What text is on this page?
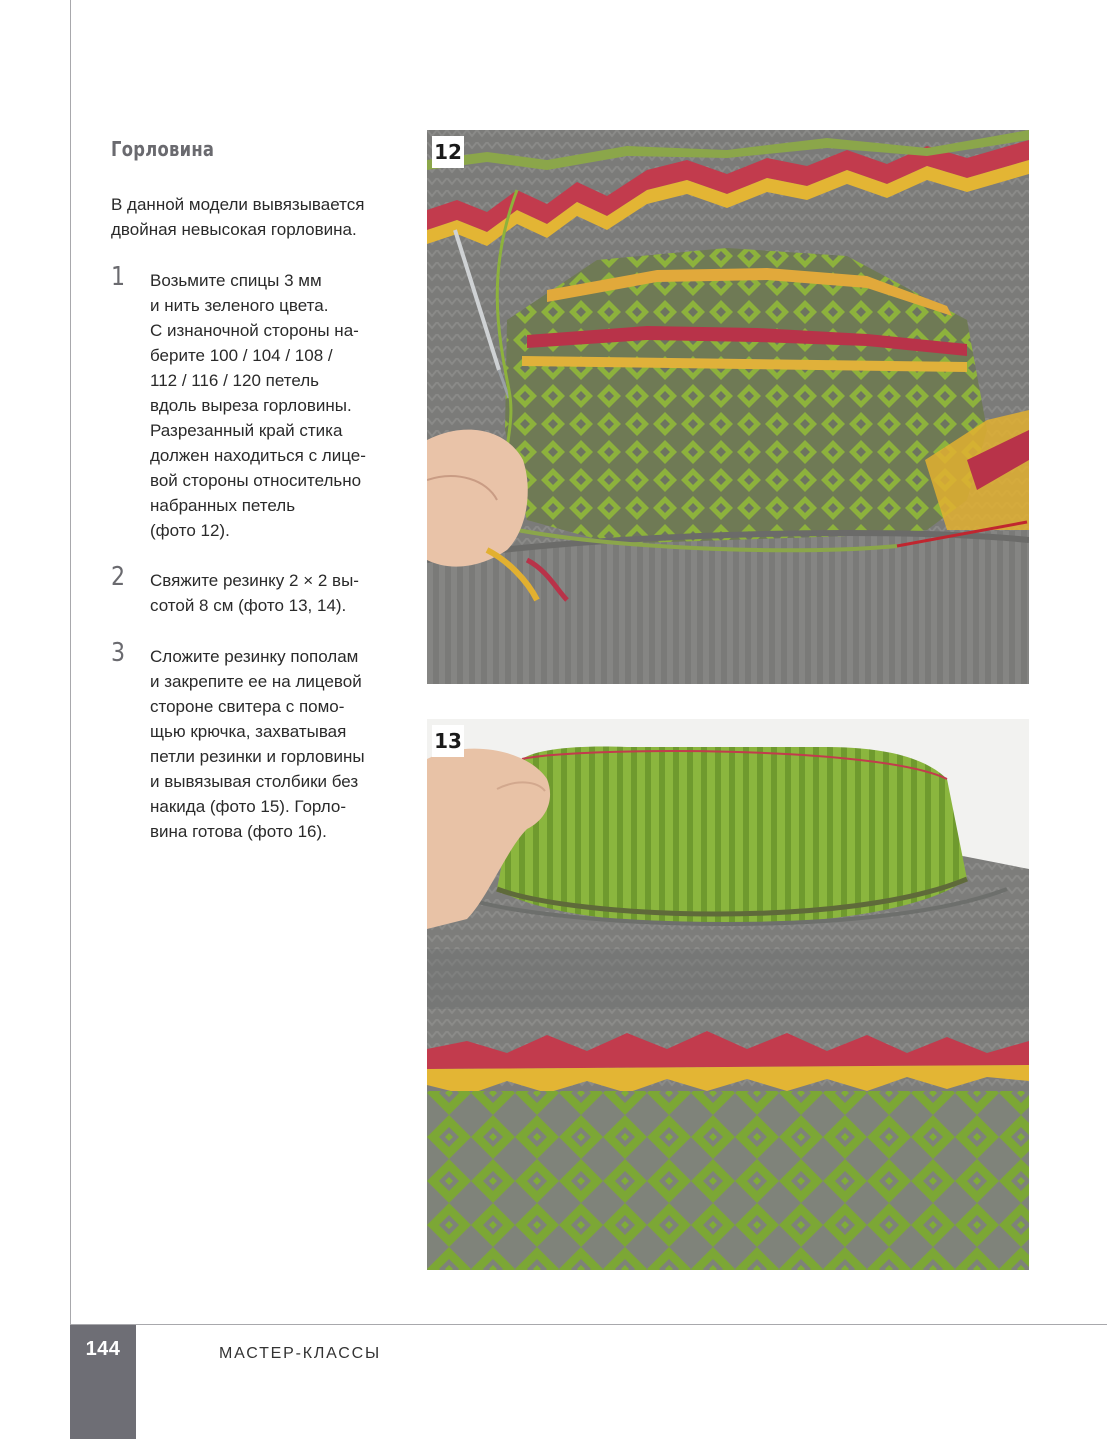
Горловина

В данной модели вывязывается двойная невысокая горловина.

1 Возьмите спицы 3 мм
и нить зеленого цвета.
С изнаночной стороны на-
берите 100 / 104 / 108 /
112 / 116 / 120 петель
вдоль выреза горловины.
Разрезанный край стика
должен находиться с лице-
вой стороны относительно
набранных петель
(фото 12).

2 Свяжите резинку 2 × 2 вы-
сотой 8 см (фото 13, 14).

3 Сложите резинку пополам
и закрепите ее на лицевой
стороне свитера с помо-
щью крючка, захватывая
петли резинки и горловины
и вывязывая столбики без
накида (фото 15). Горло-
вина готова (фото 16).

12
13
144	МАСТЕР-КЛАССЫ
